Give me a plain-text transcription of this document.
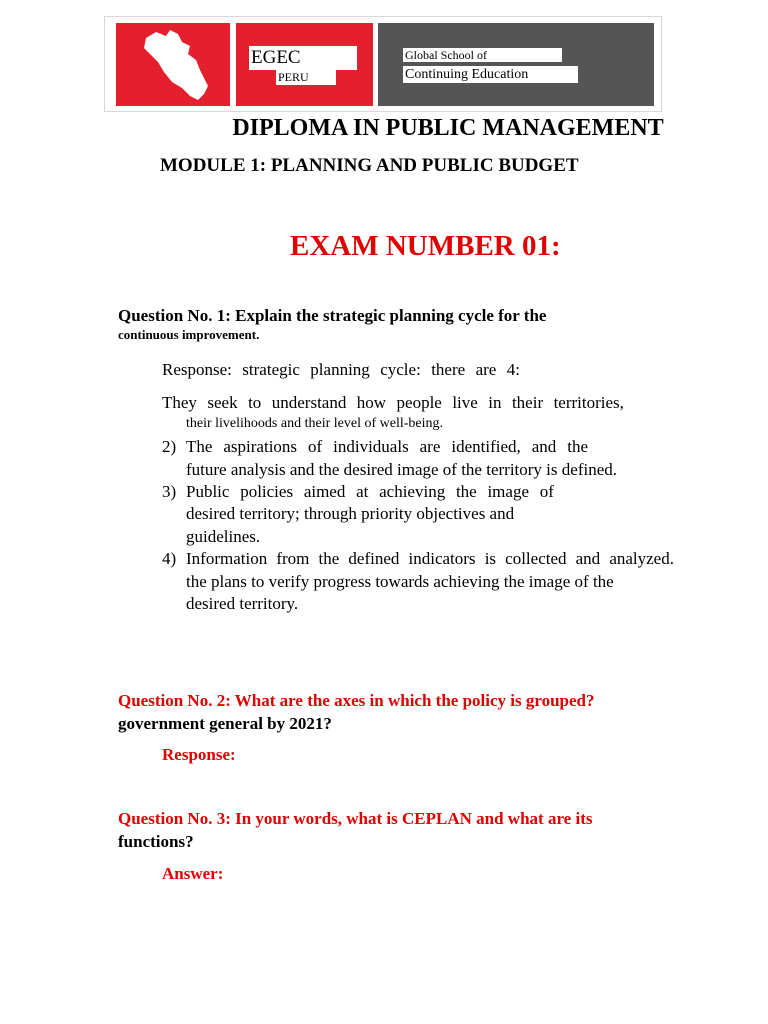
EGEC
PERU
Global School of
Continuing Education
DIPLOMA IN PUBLIC MANAGEMENT
MODULE 1: PLANNING AND PUBLIC BUDGET
EXAM NUMBER 01:
Question No. 1: Explain the strategic planning cycle for the
continuous improvement.
Response: strategic planning cycle: there are 4:
They seek to understand how people live in their territories,
their livelihoods and their level of well-being.
2) The aspirations of individuals are identified, and the
future analysis and the desired image of the territory is defined.
3) Public policies aimed at achieving the image of
desired territory; through priority objectives and
guidelines.
4) Information from the defined indicators is collected and analyzed.
the plans to verify progress towards achieving the image of the
desired territory.
Question No. 2: What are the axes in which the policy is grouped?
government general by 2021?
Response:
Question No. 3: In your words, what is CEPLAN and what are its
functions?
Answer:
